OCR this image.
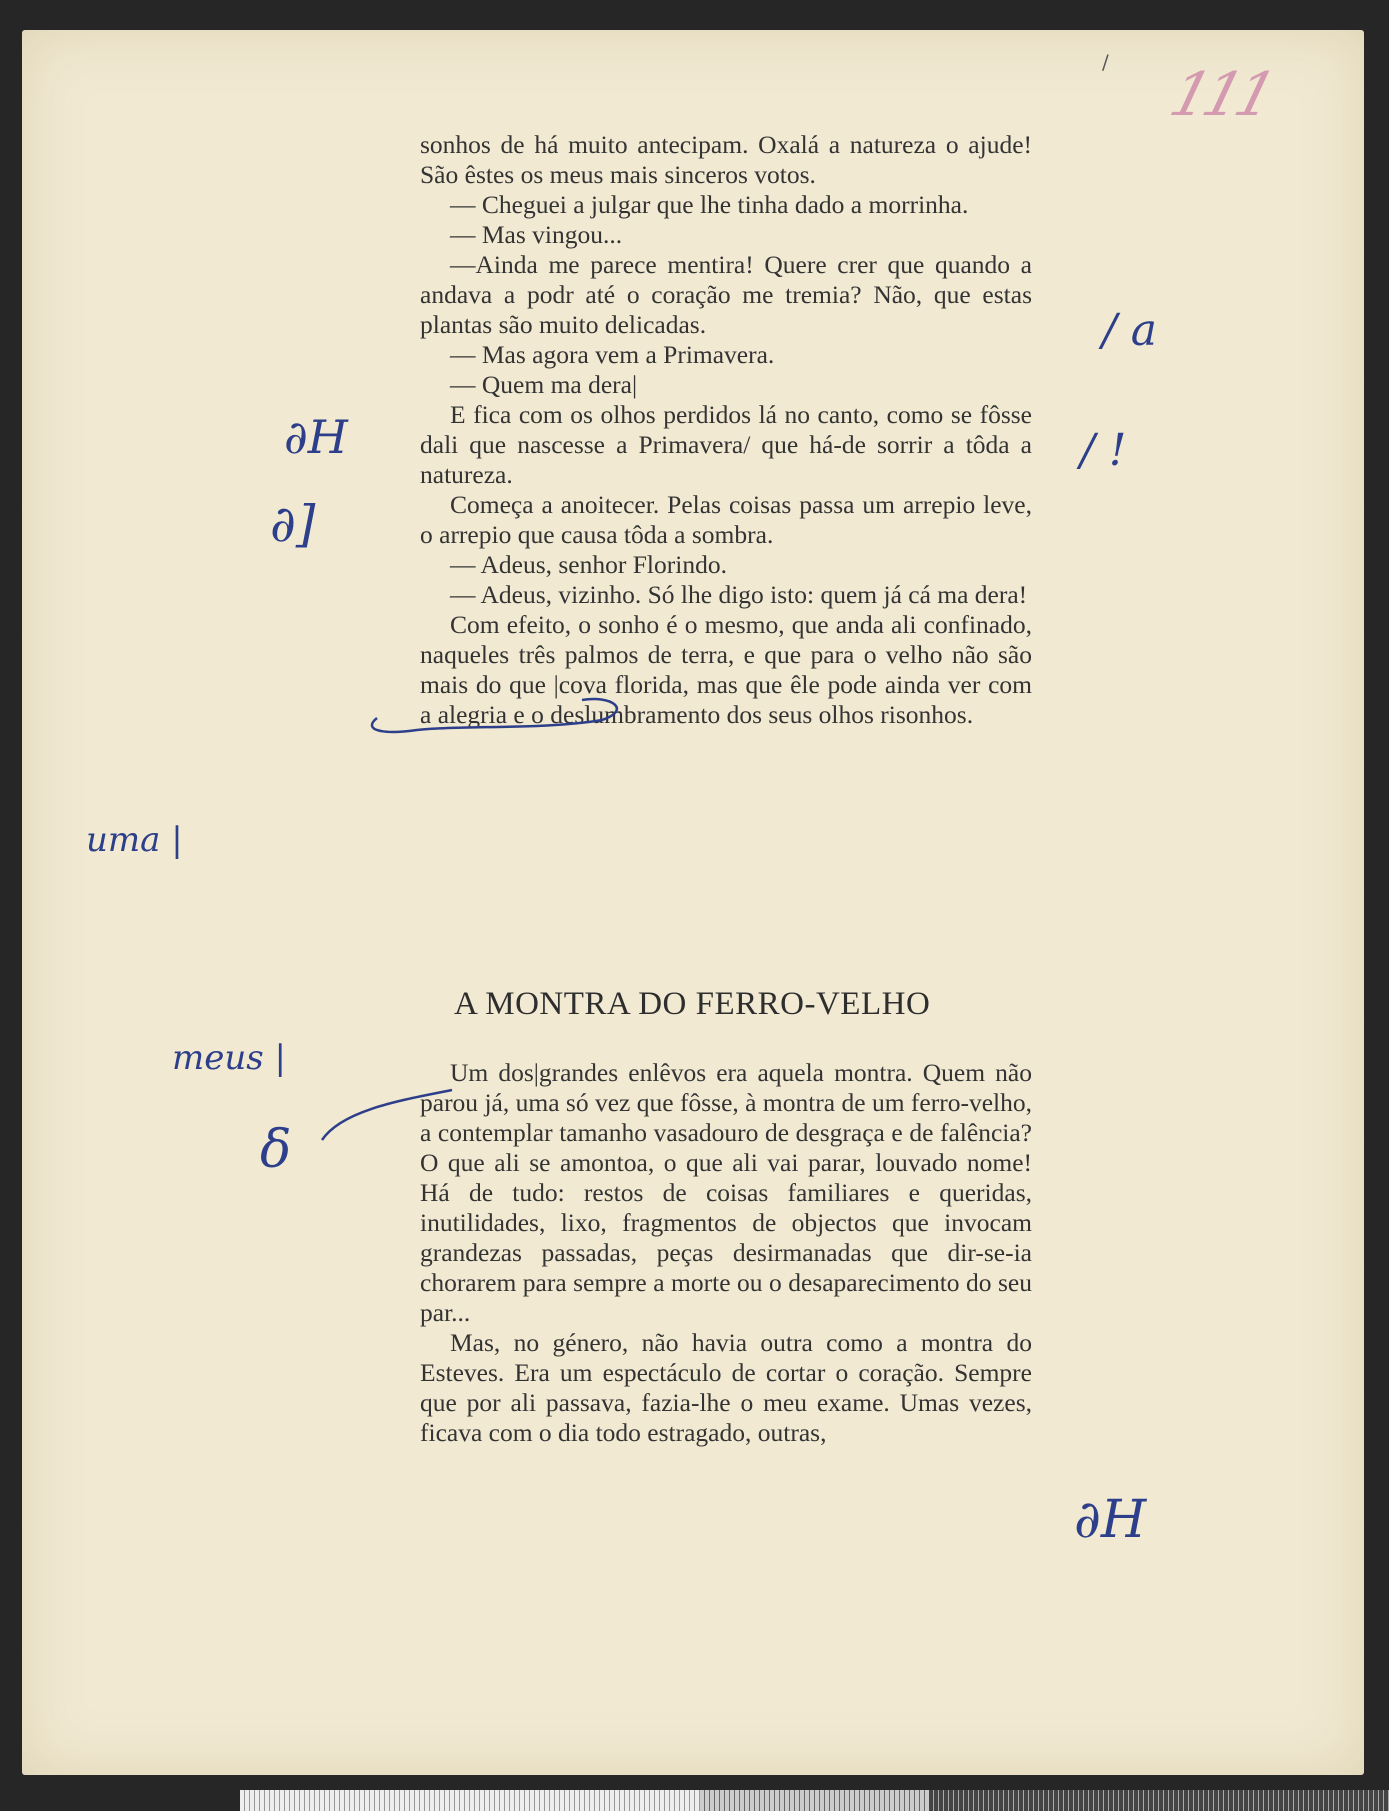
111
/

sonhos de há muito antecipam. Oxalá a natureza o ajude! São êstes os meus mais sinceros votos.

— Cheguei a julgar que lhe tinha dado a morrinha.

— Mas vingou...

—Ainda me parece mentira! Quere crer que quando a andava a podr até o coração me tremia? Não, que estas plantas são muito delicadas.

— Mas agora vem a Primavera.

— Quem ma dera|

E fica com os olhos perdidos lá no canto, como se fôsse dali que nascesse a Primavera/ que há-de sorrir a tôda a natureza.

Começa a anoitecer. Pelas coisas passa um arrepio leve, o arrepio que causa tôda a sombra.

— Adeus, senhor Florindo.

— Adeus, vizinho. Só lhe digo isto: quem já cá ma dera!

Com efeito, o sonho é o mesmo, que anda ali confinado, naqueles três palmos de terra, e que para o velho não são mais do que |cova florida, mas que êle pode ainda ver com a alegria e o deslumbramento dos seus olhos risonhos.

A MONTRA DO FERRO-VELHO

Um dos|grandes enlêvos era aquela montra. Quem não parou já, uma só vez que fôsse, à montra de um ferro-velho, a contemplar tamanho vasadouro de desgraça e de falência? O que ali se amontoa, o que ali vai parar, louvado nome! Há de tudo: restos de coisas familiares e queridas, inutilidades, lixo, fragmentos de objectos que invocam grandezas passadas, peças desirmanadas que dir-se-ia chorarem para sempre a morte ou o desaparecimento do seu par...

Mas, no género, não havia outra como a montra do Esteves. Era um espectáculo de cortar o coração. Sempre que por ali passava, fazia-lhe o meu exame. Umas vezes, ficava com o dia todo estragado, outras,

∂H
∂]
uma |
meus |
δ
/ a
/ !
∂H
